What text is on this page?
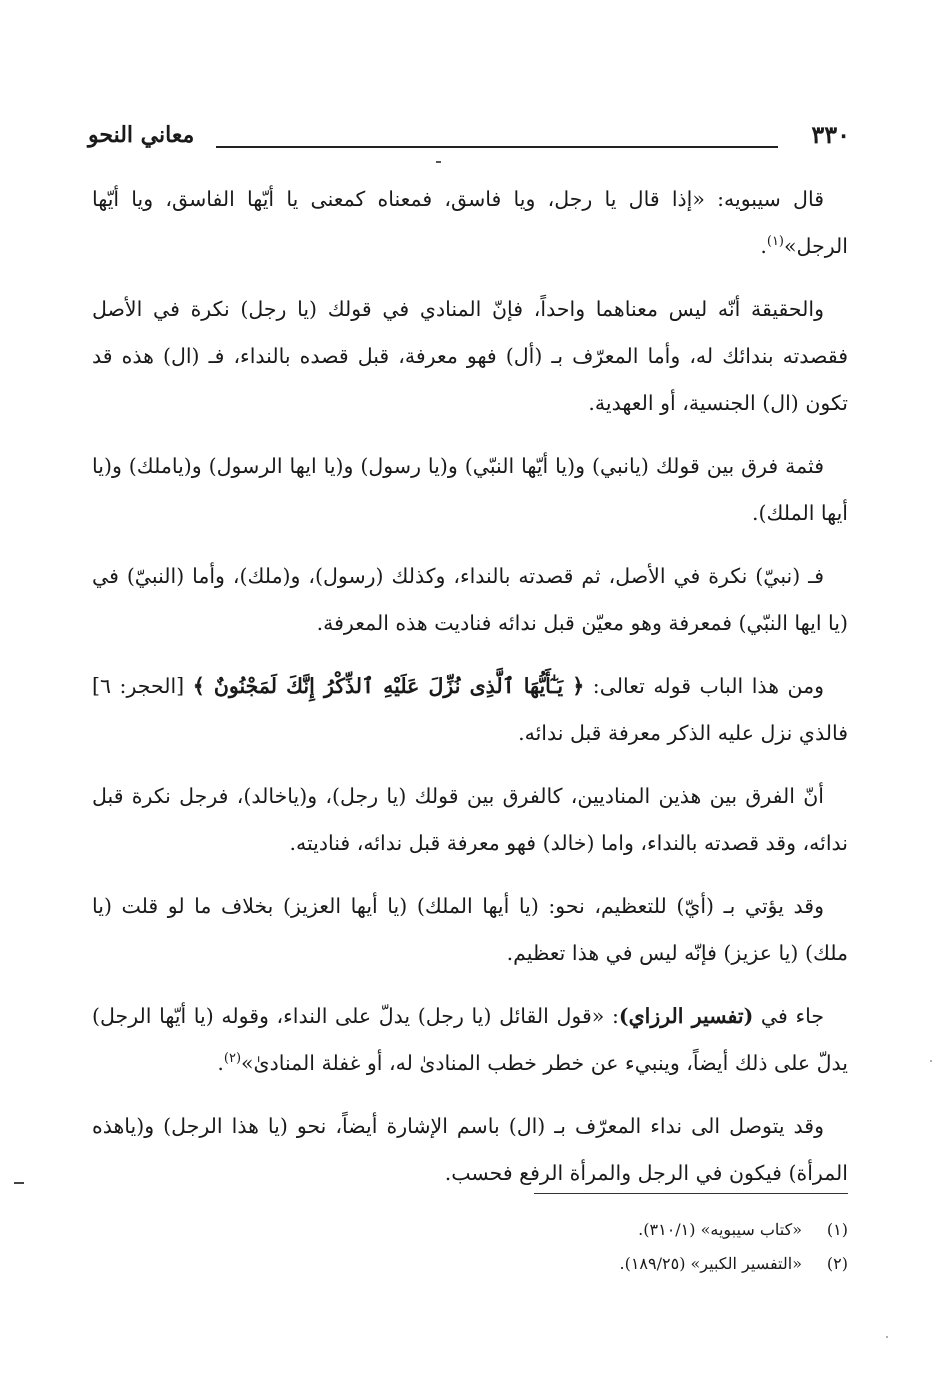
٣٣٠
معاني النحو

قال سيبويه: «إذا قال يا رجل، ويا فاسق، فمعناه كمعنى يا أيّها الفاسق، ويا أيّها الرجل»$^{(١)}$.

والحقيقة أنّه ليس معناهما واحداً، فإنّ المنادي في قولك (يا رجل) نكرة في الأصل فقصدته بندائك له، وأما المعرّف بـ (أل) فهو معرفة، قبل قصده بالنداء، فـ (ال) هذه قد تكون (ال) الجنسية، أو العهدية.

فثمة فرق بين قولك (يانبي) و(يا أيّها النبّي) و(يا رسول) و(يا ايها الرسول) و(ياملك) و(يا أيها الملك).

فـ (نبيّ) نكرة في الأصل، ثم قصدته بالنداء، وكذلك (رسول)، و(ملك)، وأما (النبيّ) في (يا ايها النبّي) فمعرفة وهو معيّن قبل ندائه فناديت هذه المعرفة.

ومن هذا الباب قوله تعالى: ﴿ يَـٰٓأَيُّهَا ٱلَّذِى نُزِّلَ عَلَيْهِ ٱلذِّكْرُ إِنَّكَ لَمَجْنُونٌ ﴾ [الحجر: ٦] فالذي نزل عليه الذكر معرفة قبل ندائه.

أنّ الفرق بين هذين المناديين، كالفرق بين قولك (يا رجل)، و(ياخالد)، فرجل نكرة قبل ندائه، وقد قصدته بالنداء، واما (خالد) فهو معرفة قبل ندائه، فناديته.

وقد يؤتي بـ (أيّ) للتعظيم، نحو: (يا أيها الملك) (يا أيها العزيز) بخلاف ما لو قلت (يا ملك) (يا عزيز) فإنّه ليس في هذا تعظيم.

جاء في (تفسير الرزاي): «قول القائل (يا رجل) يدلّ على النداء، وقوله (يا أيّها الرجل) يدلّ على ذلك أيضاً، وينبيء عن خطر خطب المنادىٰ له، أو غفلة المنادىٰ»$^{(٢)}$.

وقد يتوصل الى نداء المعرّف بـ (ال) باسم الإشارة أيضاً، نحو (يا هذا الرجل) و(ياهذه المرأة) فيكون في الرجل والمرأة الرفع فحسب.

(١)
«كتاب سيبويه» (٣١٠/١).
(٢)
«التفسير الكبير» (١٨٩/٢٥).
